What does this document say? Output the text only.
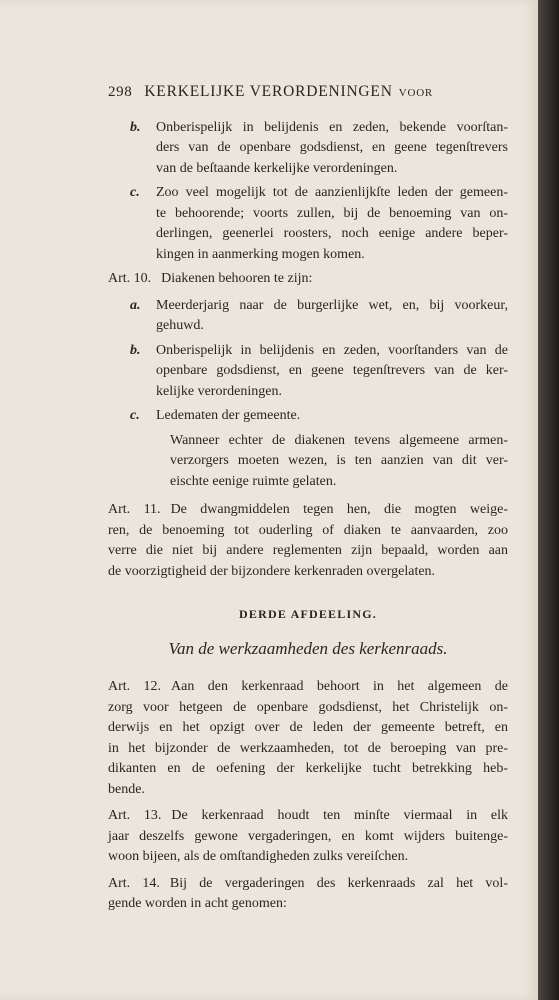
298 KERKELIJKE VERORDENINGEN VOOR
b.	Onberispelijk in belijdenis en zeden, bekende voorſtan-
ders van de openbare godsdienst, en geene tegenſtrevers
van de beſtaande kerkelijke verordeningen.
c.	Zoo veel mogelijk tot de aanzienlijkſte leden der gemeen-
te behoorende; voorts zullen, bij de benoeming van on-
derlingen, geenerlei roosters, noch eenige andere beper-
kingen in aanmerking mogen komen.
Art. 10. Diakenen behooren te zijn:
a.	Meerderjarig naar de burgerlijke wet, en, bij voorkeur,
gehuwd.
b.	Onberispelijk in belijdenis en zeden, voorſtanders van de
openbare godsdienst, en geene tegenſtrevers van de ker-
kelijke verordeningen.
c.	Ledematen der gemeente.
Wanneer echter de diakenen tevens algemeene armen-
verzorgers moeten wezen, is ten aanzien van dit ver-
eischte eenige ruimte gelaten.
Art. 11. De dwangmiddelen tegen hen, die mogten weige-
ren, de benoeming tot ouderling of diaken te aanvaarden, zoo
verre die niet bij andere reglementen zijn bepaald, worden aan
de voorzigtigheid der bijzondere kerkenraden overgelaten.
DERDE AFDEELING.
Van de werkzaamheden des kerkenraads.
Art. 12. Aan den kerkenraad behoort in het algemeen de
zorg voor hetgeen de openbare godsdienst, het Christelijk on-
derwijs en het opzigt over de leden der gemeente betreft, en
in het bijzonder de werkzaamheden, tot de beroeping van pre-
dikanten en de oefening der kerkelijke tucht betrekking heb-
bende.
Art. 13. De kerkenraad houdt ten minſte viermaal in elk
jaar deszelfs gewone vergaderingen, en komt wijders buitenge-
woon bijeen, als de omſtandigheden zulks vereiſchen.
Art. 14. Bij de vergaderingen des kerkenraads zal het vol-
gende worden in acht genomen:
